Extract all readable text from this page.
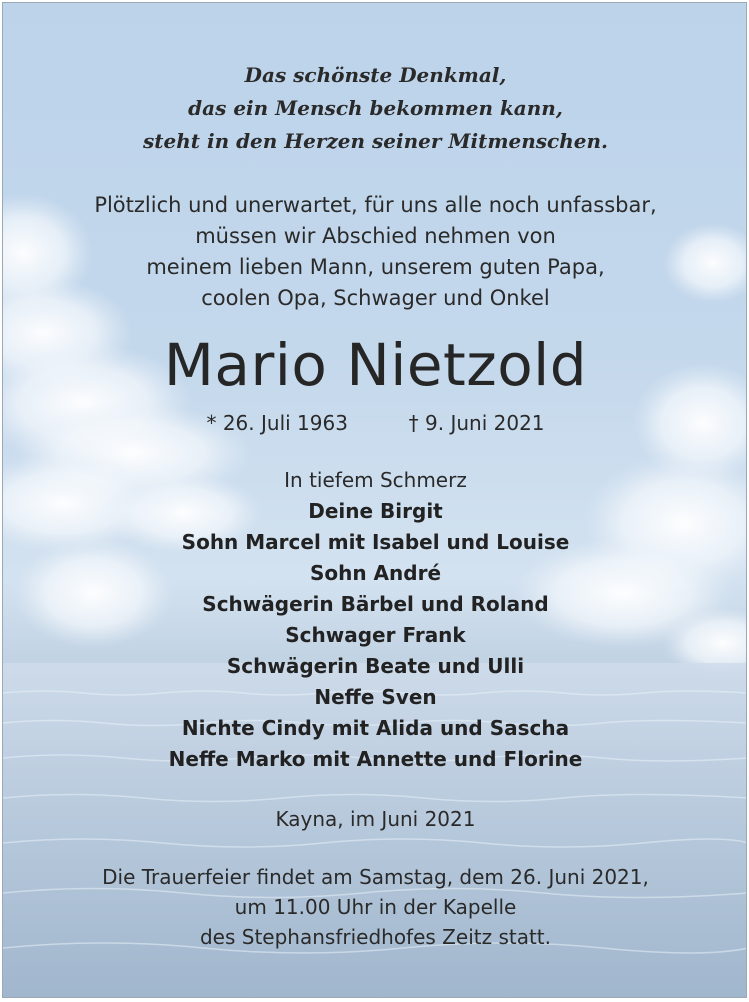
Das schönste Denkmal,
das ein Mensch bekommen kann,
steht in den Herzen seiner Mitmenschen.
Plötzlich und unerwartet, für uns alle noch unfassbar,
müssen wir Abschied nehmen von
meinem lieben Mann, unserem guten Papa,
coolen Opa, Schwager und Onkel
Mario Nietzold
* 26. Juli 1963	† 9. Juni 2021
In tiefem Schmerz
Deine Birgit
Sohn Marcel mit Isabel und Louise
Sohn André
Schwägerin Bärbel und Roland
Schwager Frank
Schwägerin Beate und Ulli
Neffe Sven
Nichte Cindy mit Alida und Sascha
Neffe Marko mit Annette und Florine
Kayna, im Juni 2021
Die Trauerfeier findet am Samstag, dem 26. Juni 2021,
um 11.00 Uhr in der Kapelle
des Stephansfriedhofes Zeitz statt.
